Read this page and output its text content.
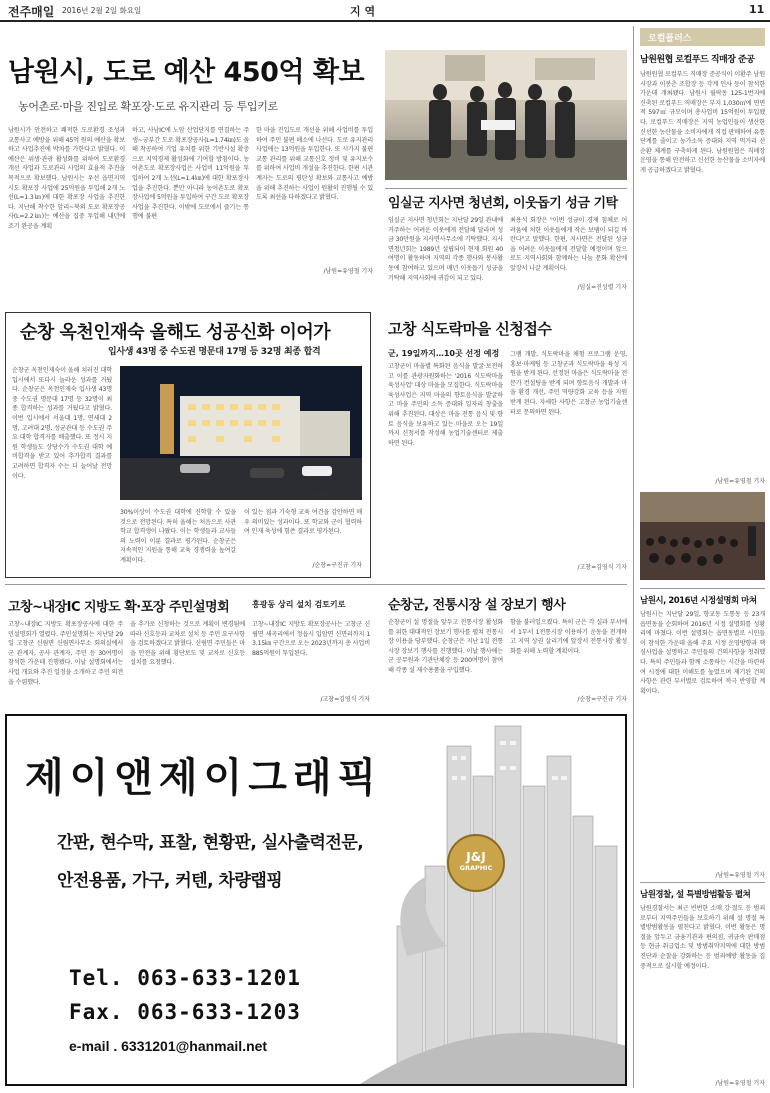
전주매일 2016년 2월 2일 화요일	지 역	11
남원시, 도로 예산 450억 확보
농어촌로·마을 진입로 확포장·도로 유지관리 등 투입키로
남원시가 안전하고 쾌적한 도로환경 조성과 교통사고 예방을 위해 45억 원의 예산을 확보하고 사업추진에 박차를 가한다고 밝혔다. 이 예산은 위생·관광 활성화를 위하여 도로환경 개선 사업과 도로관리 사업의 효율적 추진을 목적으로 확보했다. 남원시는 우선 읍면지역 시도 확포장 사업에 25억원을 투입해 2개 노선(L=1.3㎞)에 대한 확포장 사업을 추진한다. 지난해 착수한 앞리~북외 도로 확포장공사(L=2.2㎞)는 예산을 집중 투입해 내년에 조기 완공을 계획
하고, 사남IC에 노암 산업단지를 연결하는 주생~궁부간 도로 확포장공사(L=1.74㎞)도 올해 착공하여 기업 유치를 위한 기반시설 확충으로 지역경제 활성화에 기여할 방침이다. 농어촌도로 확포장사업은 사업비 11억원을 투입하여 2개 노선(L=1.4㎞)에 대한 확포장사업을 추진한다. 뿐만 아니라 농어촌도로 확포장사업에 5억원을 투입하여 구간 도로 확포장 사업을 추진한다. 이밖에 도로에서 즐기는 통행에 불편
한 마을 진입도로 개선을 위해 사업비를 투입하여 주민 불편 해소에 나선다. 도로 유지관리 사업에는 13억원을 투입한다. 또 시가지 불편 교통 관리를 위해 교통신호 정비 및 유지보수를 위하여 사업비 개설을 추진한다. 한편 시관계자는 도로의 평탄성 확보와 교통사고 예방을 위해 추진하는 사업이 원활히 진행될 수 있도록 최선을 다하겠다고 밝혔다.
/남원=유영철 기자
임실군 지사면 청년회, 이웃돕기 성금 기탁
임실군 지사면 청년회는 지난달 29일 관내에 거주하는 어려운 이웃에게 전달해 달라며 성금 30만원을 지사면사무소에 기탁했다. 지사면청년회는 1989년 설립되어 현재 회원 40여명이 활동하며 지역의 각종 행사와 봉사활동에 참여하고 있으며 매년 이웃돕기 성금을 기탁해 지역사회에 귀감이 되고 있다.
최용석 회장은 "이번 성금이 경제 침체로 어려움에 처한 이웃들에게 작은 보탬이 되길 바란다"고 말했다. 한편, 지사면은 전달된 성금을 어려운 이웃들에게 전달할 예정이며 앞으로도 지역사회와 함께하는 나눔 문화 확산에 앞장서 나갈 계획이다.
/임실=진성렬 기자
순창 옥천인재숙 올해도 성공신화 이어가
입사생 43명 중 수도권 명문대 17명 등 32명 최종 합격
순창군 옥천인재숙이 올해 치러진 대학입시에서 또다시 놀라운 성과를 거뒀다. 순창군은 옥천인재숙 입사생 43명 중 수도권 명문대 17명 등 32명이 최종 합격하는 성과를 거뒀다고 밝혔다. 이번 입시에서 서울대 1명, 연세대 2명, 고려대 2명, 성균관대 등 수도권 주요 대학 합격자를 배출했다. 또 정시 지원 학생들도 상당수가 수도권 대학 예비합격을 받고 있어 추가합격 결과를 고려하면 합격자 수는 더 늘어날 전망이다.
옥천인재숙 야경
30%이상이 수도권 대학에 진학할 수 있을 것으로 전망된다. 특히 올해는 처음으로 사관학교 합격생이 나왔다. 이는 학생들과 교사들의 노력이 이룬 결과로 평가된다. 순창군은 지속적인 지원을 통해 교육 경쟁력을 높여갈 계획이다.
이 있는 점과 기숙형 교육 여건을 감안하면 매우 의미있는 성과이다. 또 학교와 군이 협력하여 인재 육성에 힘쓴 결과로 평가된다.
/순창=구진규 기자
고창 식도락마을 신청접수
군, 19일까지…10곳 선정 예정
고창군이 마을별 특화된 음식을 발굴·보전하고 이를 관광자원화하는 '2016 식도락마을 육성사업' 대상 마을을 모집한다. 식도락마을 육성사업은 지역 마을의 향토음식을 발굴하고 마을 주민의 소득 증대와 일자리 창출을 위해 추진된다. 대상은 마을 전통 음식 및 향토 음식을 보유하고 있는 마을로 오는 19일까지 신청서를 작성해 농업기술센터로 제출하면 된다.
그램 개발, 식도락마을 체험 프로그램 운영, 홍보·마케팅 등 고창군과 식도락마을 육성 지원을 받게 된다. 선정된 마을은 식도락마을 전문가 컨설팅을 받게 되며 향토음식 개발과 마을 환경 개선, 주민 역량강화 교육 등을 지원받게 된다. 자세한 사항은 고창군 농업기술센터로 문의하면 된다.
/고창=김영식 기자
고창~내장IC 지방도 확·포장 주민설명회	흥광동 상리 설치 검토키로
고창~내장IC 지방도 확포장공사에 대한 주민설명회가 열렸다. 주민설명회는 지난달 29일 고창군 신림면 신림면사무소 회의실에서 군 관계자, 공사 관계자, 주민 등 30여명이 참석한 가운데 진행됐다. 이날 설명회에서는 사업 개요와 추진 일정을 소개하고 주민 의견을 수렴했다.
을 추가로 신청하는 것으로 계획이 변경됨에 따라 신호등과 교차로 설치 등 주민 요구사항을 검토하겠다고 밝혔다. 신림면 주민들은 마을 안전을 위해 횡단보도 및 교차로 신호등 설치를 요청했다.
고창~내장IC 지방도 확포장공사는 고창군 신림면 세곡리에서 정읍시 입암면 신면리까지 13.15㎞ 구간으로 오는 2023년까지 총 사업비 885억원이 투입된다.
/고창=김영식 기자
순창군, 전통시장 설 장보기 행사
순창군이 설 명절을 앞두고 전통시장 활성화를 위한 대대적인 장보기 행사를 펼쳐 전통시장 이용을 당부했다. 순창군은 지난 1일 전통시장 장보기 행사를 진행했다. 이날 행사에는 군 공무원과 기관단체장 등 200여명이 참여해 각종 설 제수용품을 구입했다.
함을 불러일으켰다. 특히 군은 각 실과 부서에서 1부서 1전통시장 이용하기 운동을 전개하고 지역 상권 살리기에 앞장서 전통시장 활성화를 위해 노력할 계획이다.
/순창=구진규 기자
제이앤제이그래픽
J&J
GRAPHIC
간판, 현수막, 표찰, 현황판, 실사출력전문,
안전용품, 가구, 커텐, 차량랩핑
Tel. 063-633-1201
Fax. 063-633-1203
e-mail . 6331201@hanmail.net
로컬플러스
남원원협 로컬푸드 직매장 준공
남원원협 로컬푸드 직매장 준공식이 이환주 남원시장과 이봉춘 조합장 등 각계 인사 등이 참석한 가운데 개최됐다. 남원시 월락동 125-1번지에 신축된 로컬푸드 직매장은 부지 1,030㎡에 연면적 597㎡ 규모이며 총사업비 15억원이 투입됐다. 로컬푸드 직매장은 지역 농업인들이 생산한 신선한 농산물을 소비자에게 직접 판매하여 유통단계를 줄이고 농가소득 증대와 지역 먹거리 선순환 체계를 구축하게 된다. 남원원협은 직매장 운영을 통해 안전하고 신선한 농산물을 소비자에게 공급하겠다고 밝혔다.
/남원=유영철 기자
남원시, 2016년 시정설명회 마쳐
남원시는 지난달 29일, 향교동 도통동 등 23개 읍면동을 순회하며 2016년 시정 설명회를 성황리에 마쳤다. 이번 설명회는 읍면동별로 시민들이 참석한 가운데 올해 주요 시정 운영방향과 핵심사업을 설명하고 주민들의 건의사항을 청취했다. 특히 주민들과 함께 소통하는 시간을 마련하여 시정에 대한 이해도를 높였으며 제기된 건의사항은 관련 부서별로 검토하여 적극 반영할 계획이다.
/남원=유영철 기자
남원경찰, 설 특별방범활동 펼쳐
남원경찰서는 최근 빈번한 소매 강·절도 등 범죄로부터 지역주민들을 보호하기 위해 설 명절 특별방범활동을 펼친다고 밝혔다. 이번 활동은 명절을 앞두고 금융기관과 편의점, 귀금속 판매점 등 현금 취급업소 및 방범취약지역에 대한 방범진단과 순찰을 강화하는 등 범죄예방 활동을 집중적으로 실시할 예정이다.
/남원=유영철 기자
